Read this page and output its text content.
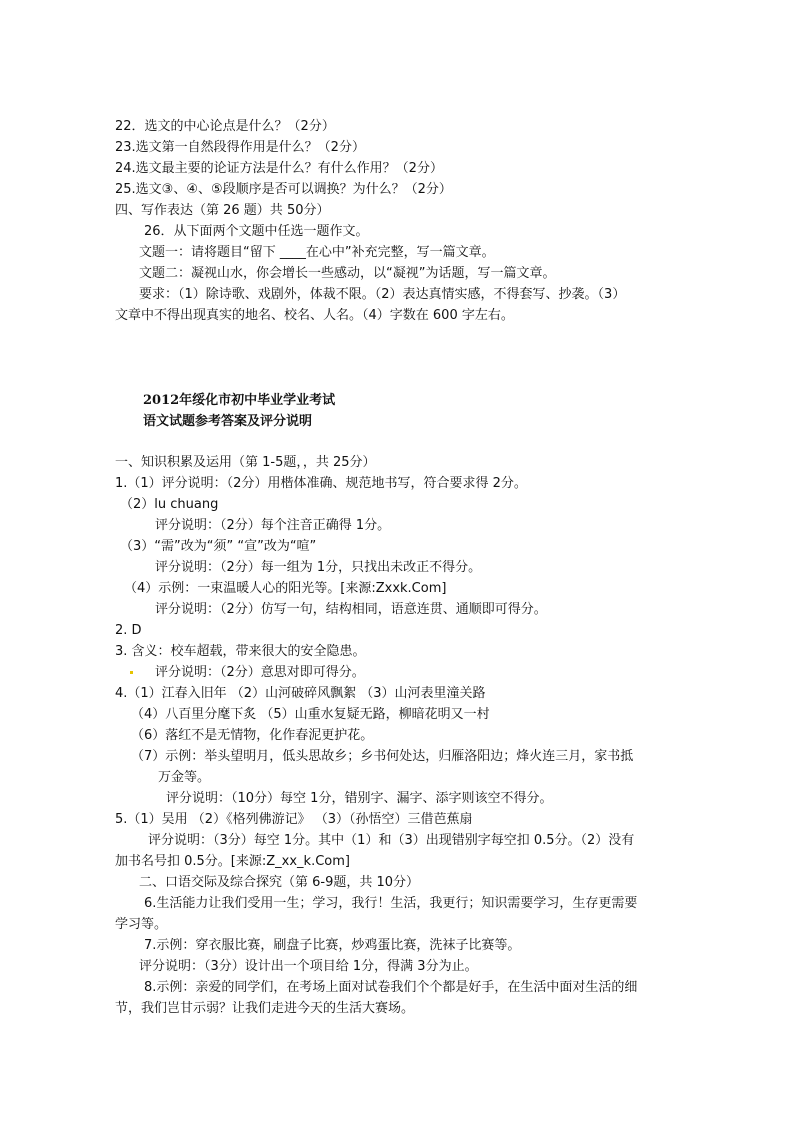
22．选文的中心论点是什么？（2分）
23.选文第一自然段得作用是什么？（2分）
24.选文最主要的论证方法是什么？有什么作用？（2分）
25.选文③、④、⑤段顺序是否可以调换？为什么？（2分）
四、写作表达（第 26 题）共 50分）
26．从下面两个文题中任选一题作文。
文题一：请将题目“留下 ____在心中”补充完整，写一篇文章。
文题二：凝视山水，你会增长一些感动，以“凝视”为话题，写一篇文章。
要求：（1）除诗歌、戏剧外，体裁不限。（2）表达真情实感，不得套写、抄袭。（3）
文章中不得出现真实的地名、校名、人名。（4）字数在 600 字左右。
2012年绥化市初中毕业学业考试
语文试题参考答案及评分说明
一、知识积累及运用（第 1-5题，，共 25分）
1.（1）评分说明：（2分）用楷体准确、规范地书写，符合要求得 2分。
（2）lu chuang
评分说明：（2分）每个注音正确得 1分。
（3）“需”改为“须” “宣”改为“喧”
评分说明：（2分）每一组为 1分，只找出未改正不得分。
（4）示例：一束温暖人心的阳光等。[来源:Zxxk.Com]
评分说明：（2分）仿写一句，结构相同，语意连贯、通顺即可得分。
2. D
3. 含义：校车超载，带来很大的安全隐患。
评分说明：（2分）意思对即可得分。
4.（1）江春入旧年 （2）山河破碎风飘絮 （3）山河表里潼关路
（4）八百里分麾下炙 （5）山重水复疑无路，柳暗花明又一村
（6）落红不是无情物，化作春泥更护花。
（7）示例：举头望明月，低头思故乡；乡书何处达，归雁洛阳边；烽火连三月，家书抵
万金等。
评分说明：（10分）每空 1分，错别字、漏字、添字则该空不得分。
5.（1）吴用 （2）《格列佛游记》 （3）（孙悟空）三借芭蕉扇
评分说明：（3分）每空 1分。其中（1）和（3）出现错别字每空扣 0.5分。（2）没有
加书名号扣 0.5分。[来源:Z_xx_k.Com]
二、口语交际及综合探究（第 6-9题，共 10分）
6.生活能力让我们受用一生；学习，我行！生活，我更行；知识需要学习，生存更需要
学习等。
7.示例：穿衣服比赛，刷盘子比赛，炒鸡蛋比赛，洗袜子比赛等。
评分说明：（3分）设计出一个项目给 1分，得满 3分为止。
8.示例：亲爱的同学们，在考场上面对试卷我们个个都是好手，在生活中面对生活的细
节，我们岂甘示弱？让我们走进今天的生活大赛场。
